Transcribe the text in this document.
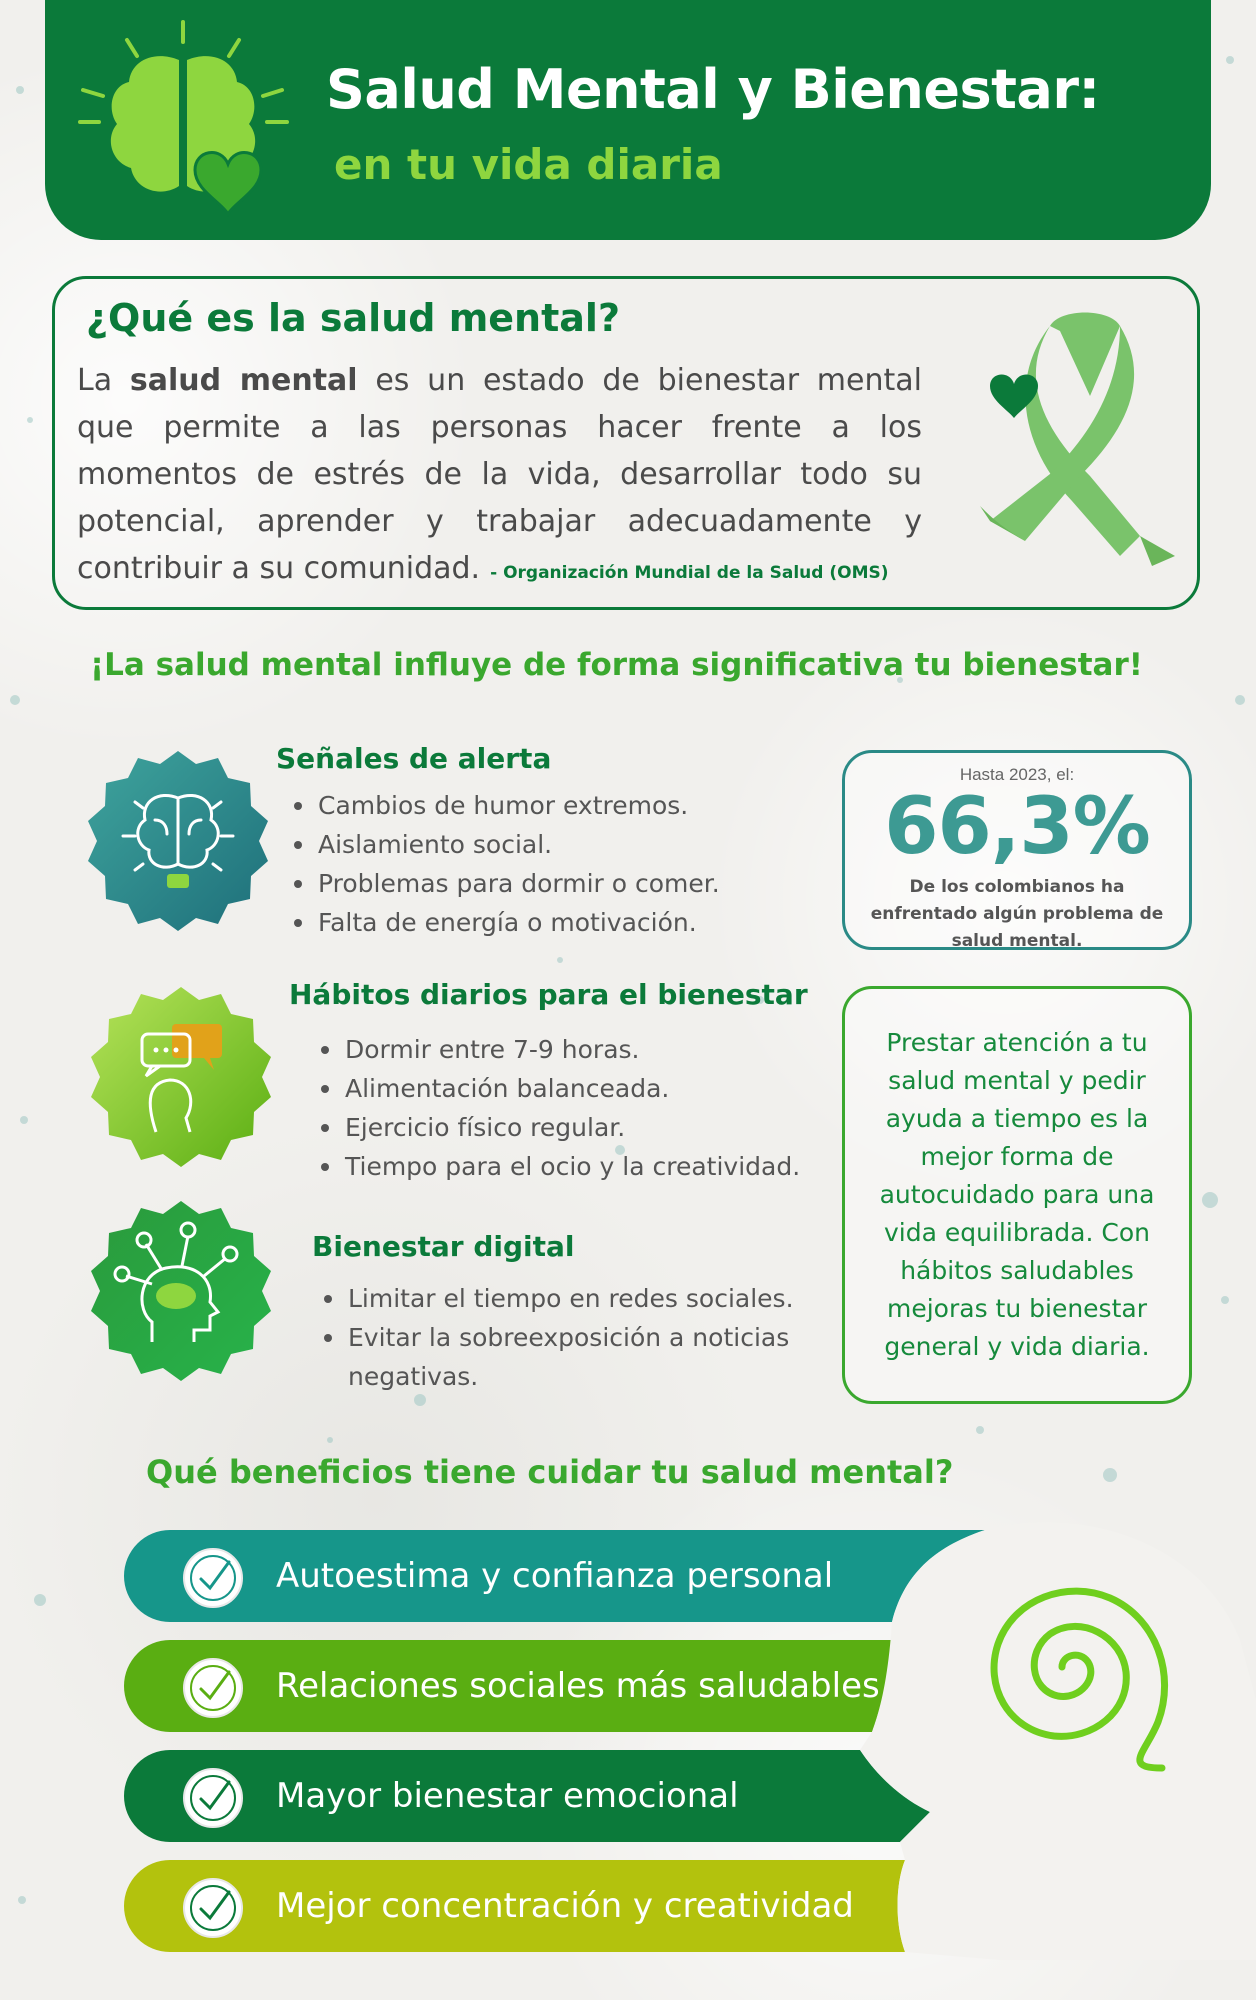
Salud Mental y Bienestar:
en tu vida diaria
¿Qué es la salud mental?

La salud mental es un estado de bienestar mental que permite a las personas hacer frente a los momentos de estrés de la vida, desarrollar todo su potencial, aprender y trabajar adecuadamente y contribuir a su comunidad. - Organización Mundial de la Salud (OMS)

¡La salud mental influye de forma significativa tu bienestar!
Señales de alerta
Cambios de humor extremos.
Aislamiento social.
Problemas para dormir o comer.
Falta de energía o motivación.

Hasta 2023, el:

66,3%

De los colombianos ha enfrentado algún problema de salud mental.

Hábitos diarios para el bienestar
Dormir entre 7-9 horas.
Alimentación balanceada.
Ejercicio físico regular.
Tiempo para el ocio y la creatividad.

Prestar atención a tu salud mental y pedir ayuda a tiempo es la mejor forma de autocuidado para una vida equilibrada. Con hábitos saludables mejoras tu bienestar general y vida diaria.

Bienestar digital
Limitar el tiempo en redes sociales.
Evitar la sobreexposición a noticias negativas.
Qué beneficios tiene cuidar tu salud mental?

Autoestima y confianza personal

Relaciones sociales más saludables

Mayor bienestar emocional

Mejor concentración y creatividad
